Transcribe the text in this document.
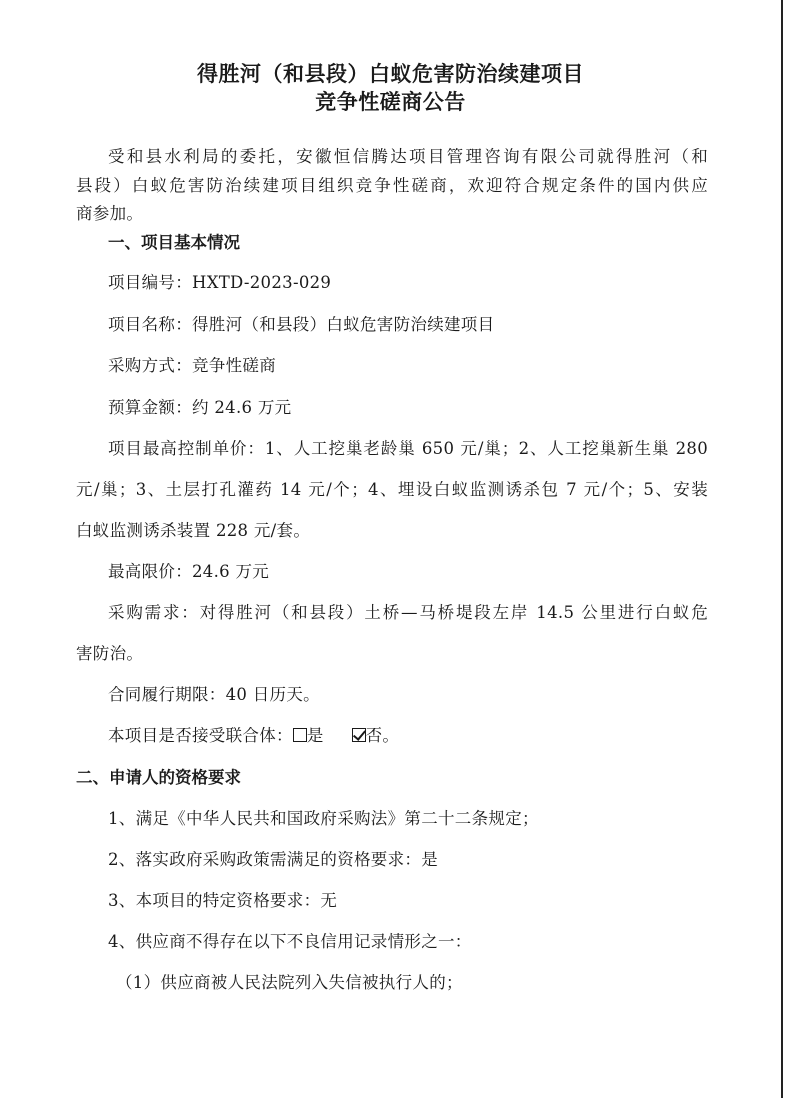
得胜河（和县段）白蚁危害防治续建项目
竞争性磋商公告
受和县水利局的委托，安徽恒信腾达项目管理咨询有限公司就得胜河（和
县段）白蚁危害防治续建项目组织竞争性磋商，欢迎符合规定条件的国内供应
商参加。
一、项目基本情况
项目编号：HXTD-2023-029
项目名称：得胜河（和县段）白蚁危害防治续建项目
采购方式：竞争性磋商
预算金额：约 24.6 万元
项目最高控制单价：1、人工挖巢老龄巢 650 元/巢；2、人工挖巢新生巢 280
元/巢；3、土层打孔灌药 14 元/个；4、埋设白蚁监测诱杀包 7 元/个；5、安装
白蚁监测诱杀装置 228 元/套。
最高限价：24.6 万元
采购需求：对得胜河（和县段）土桥—马桥堤段左岸 14.5 公里进行白蚁危
害防治。
合同履行期限：40 日历天。
本项目是否接受联合体： 是	否。
二、申请人的资格要求
1、满足《中华人民共和国政府采购法》第二十二条规定；
2、落实政府采购政策需满足的资格要求：是
3、本项目的特定资格要求：无
4、供应商不得存在以下不良信用记录情形之一：
（1）供应商被人民法院列入失信被执行人的；
